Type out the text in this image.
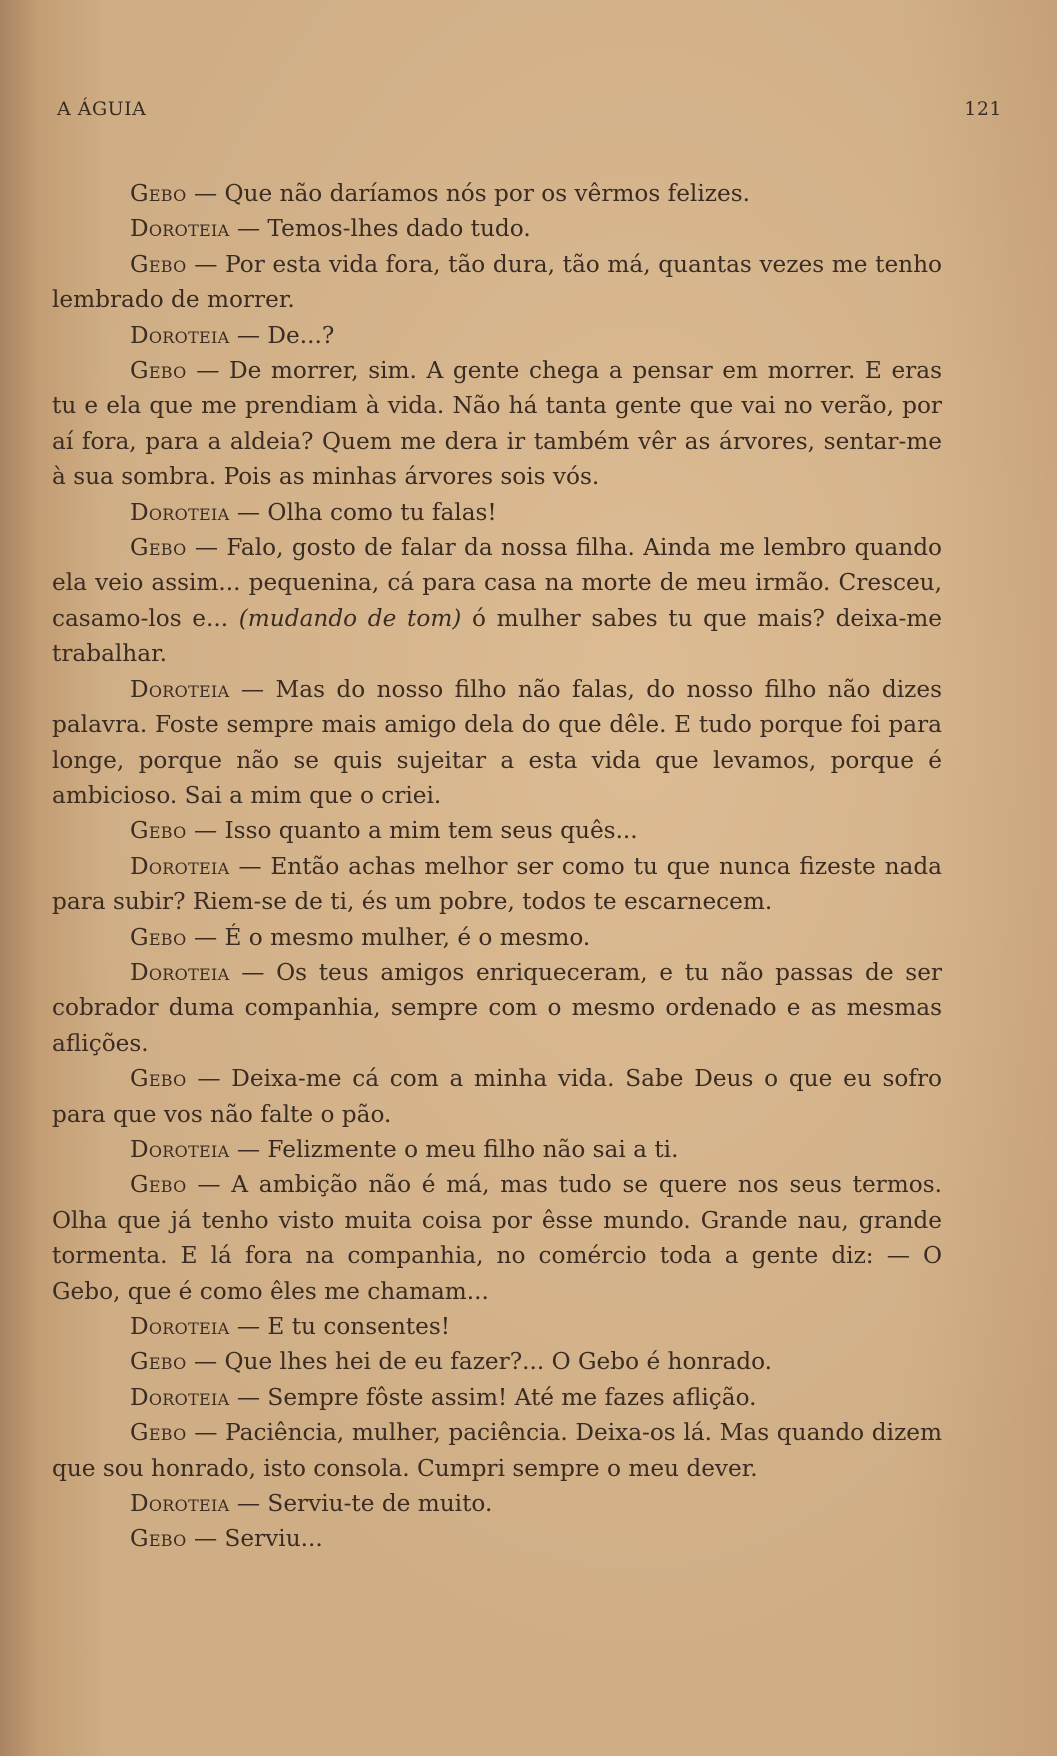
A ÁGUIA	121

Gebo — Que não daríamos nós por os vêrmos felizes.

Doroteia — Temos-lhes dado tudo.

Gebo — Por esta vida fora, tão dura, tão má, quantas vezes me tenho lembrado de morrer.

Doroteia — De...?

Gebo — De morrer, sim. A gente chega a pensar em morrer. E eras tu e ela que me prendiam à vida. Não há tanta gente que vai no verão, por aí fora, para a aldeia? Quem me dera ir também vêr as árvores, sentar-me à sua sombra. Pois as minhas árvores sois vós.

Doroteia — Olha como tu falas!

Gebo — Falo, gosto de falar da nossa filha. Ainda me lembro quando ela veio assim... pequenina, cá para casa na morte de meu irmão. Cresceu, casamo-los e... (mudando de tom) ó mulher sabes tu que mais? deixa-me trabalhar.

Doroteia — Mas do nosso filho não falas, do nosso filho não dizes palavra. Foste sempre mais amigo dela do que dêle. E tudo porque foi para longe, porque não se quis sujeitar a esta vida que levamos, porque é ambicioso. Sai a mim que o criei.

Gebo — Isso quanto a mim tem seus quês...

Doroteia — Então achas melhor ser como tu que nunca fizeste nada para subir? Riem-se de ti, és um pobre, todos te escarnecem.

Gebo — É o mesmo mulher, é o mesmo.

Doroteia — Os teus amigos enriqueceram, e tu não passas de ser cobrador duma companhia, sempre com o mesmo ordenado e as mesmas aflições.

Gebo — Deixa-me cá com a minha vida. Sabe Deus o que eu sofro para que vos não falte o pão.

Doroteia — Felizmente o meu filho não sai a ti.

Gebo — A ambição não é má, mas tudo se quere nos seus termos. Olha que já tenho visto muita coisa por êsse mundo. Grande nau, grande tormenta. E lá fora na companhia, no comércio toda a gente diz: — O Gebo, que é como êles me chamam...

Doroteia — E tu consentes!

Gebo — Que lhes hei de eu fazer?... O Gebo é honrado.

Doroteia — Sempre fôste assim! Até me fazes aflição.

Gebo — Paciência, mulher, paciência. Deixa-os lá. Mas quando dizem que sou honrado, isto consola. Cumpri sempre o meu dever.

Doroteia — Serviu-te de muito.

Gebo — Serviu...
